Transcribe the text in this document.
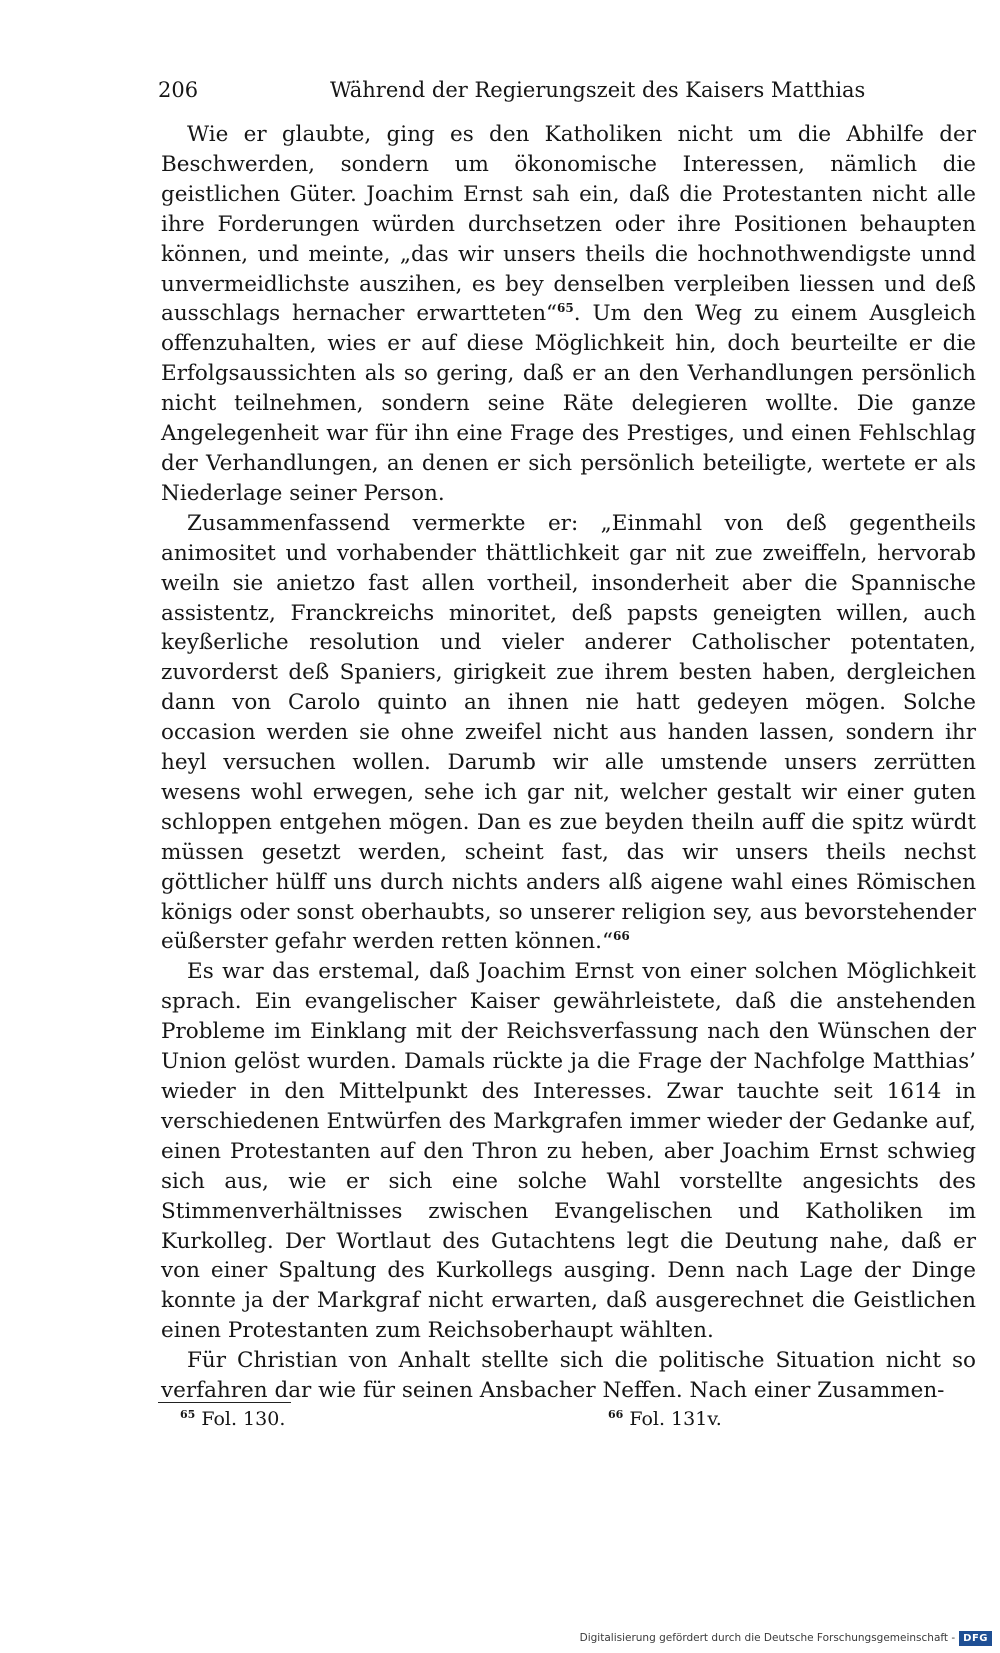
206	Während der Regierungszeit des Kaisers Matthias

Wie er glaubte, ging es den Katholiken nicht um die Abhilfe der Beschwerden, sondern um ökonomische Interessen, nämlich die geistlichen Güter. Joachim Ernst sah ein, daß die Protestanten nicht alle ihre Forderungen würden durchsetzen oder ihre Positionen behaupten können, und meinte, „das wir unsers theils die hochnothwendigste unnd unvermeidlichste auszihen, es bey denselben verpleiben liessen und deß ausschlags hernacher erwartteten“$^{65}$. Um den Weg zu einem Ausgleich offenzuhalten, wies er auf diese Möglichkeit hin, doch beurteilte er die Erfolgsaussichten als so gering, daß er an den Verhandlungen persönlich nicht teilnehmen, sondern seine Räte delegieren wollte. Die ganze Angelegenheit war für ihn eine Frage des Prestiges, und einen Fehlschlag der Verhandlungen, an denen er sich persönlich beteiligte, wertete er als Niederlage seiner Person.

Zusammenfassend vermerkte er: „Einmahl von deß gegentheils animositet und vorhabender thättlichkeit gar nit zue zweiffeln, hervorab weiln sie anietzo fast allen vortheil, insonderheit aber die Spannische assistentz, Franckreichs minoritet, deß papsts geneigten willen, auch keyßerliche resolution und vieler anderer Catholischer potentaten, zuvorderst deß Spaniers, girigkeit zue ihrem besten haben, dergleichen dann von Carolo quinto an ihnen nie hatt gedeyen mögen. Solche occasion werden sie ohne zweifel nicht aus handen lassen, sondern ihr heyl versuchen wollen. Darumb wir alle umstende unsers zerrütten wesens wohl erwegen, sehe ich gar nit, welcher gestalt wir einer guten schloppen entgehen mögen. Dan es zue beyden theiln auff die spitz würdt müssen gesetzt werden, scheint fast, das wir unsers theils nechst göttlicher hülff uns durch nichts anders alß aigene wahl eines Römischen königs oder sonst oberhaubts, so unserer religion sey, aus bevorstehender eüßerster gefahr werden retten können.“$^{66}$

Es war das erstemal, daß Joachim Ernst von einer solchen Möglichkeit sprach. Ein evangelischer Kaiser gewährleistete, daß die anstehenden Probleme im Einklang mit der Reichsverfassung nach den Wünschen der Union gelöst wurden. Damals rückte ja die Frage der Nachfolge Matthias’ wieder in den Mittelpunkt des Interesses. Zwar tauchte seit 1614 in verschiedenen Entwürfen des Markgrafen immer wieder der Gedanke auf, einen Protestanten auf den Thron zu heben, aber Joachim Ernst schwieg sich aus, wie er sich eine solche Wahl vorstellte angesichts des Stimmenverhältnisses zwischen Evangelischen und Katholiken im Kurkolleg. Der Wortlaut des Gutachtens legt die Deutung nahe, daß er von einer Spaltung des Kurkollegs ausging. Denn nach Lage der Dinge konnte ja der Markgraf nicht erwarten, daß ausgerechnet die Geistlichen einen Protestanten zum Reichsoberhaupt wählten.

Für Christian von Anhalt stellte sich die politische Situation nicht so verfahren dar wie für seinen Ansbacher Neffen. Nach einer Zusammen-

$^{65}$ Fol. 130.	$^{66}$ Fol. 131v.
Digitalisierung gefördert durch die Deutsche Forschungsgemeinschaft - DFG
